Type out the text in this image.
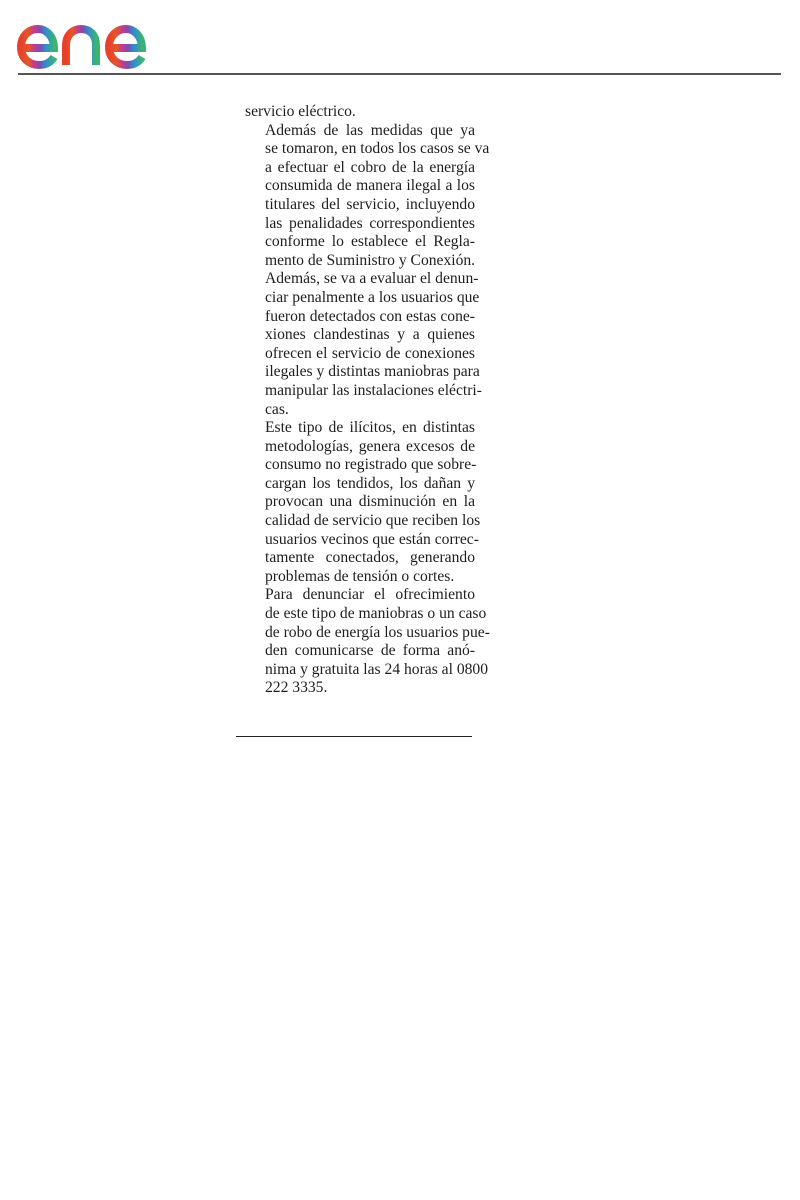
servicio eléctrico.

Además de las medidas que ya
se tomaron, en todos los casos se va
a efectuar el cobro de la energía
consumida de manera ilegal a los
titulares del servicio, incluyendo
las penalidades correspondientes
conforme lo establece el Regla-
mento de Suministro y Conexión.
Además, se va a evaluar el denun-
ciar penalmente a los usuarios que
fueron detectados con estas cone-
xiones clandestinas y a quienes
ofrecen el servicio de conexiones
ilegales y distintas maniobras para
manipular las instalaciones eléctri-
cas.

Este tipo de ilícitos, en distintas
metodologías, genera excesos de
consumo no registrado que sobre-
cargan los tendidos, los dañan y
provocan una disminución en la
calidad de servicio que reciben los
usuarios vecinos que están correc-
tamente conectados, generando
problemas de tensión o cortes.

Para denunciar el ofrecimiento
de este tipo de maniobras o un caso
de robo de energía los usuarios pue-
den comunicarse de forma anó-
nima y gratuita las 24 horas al 0800
222 3335.
